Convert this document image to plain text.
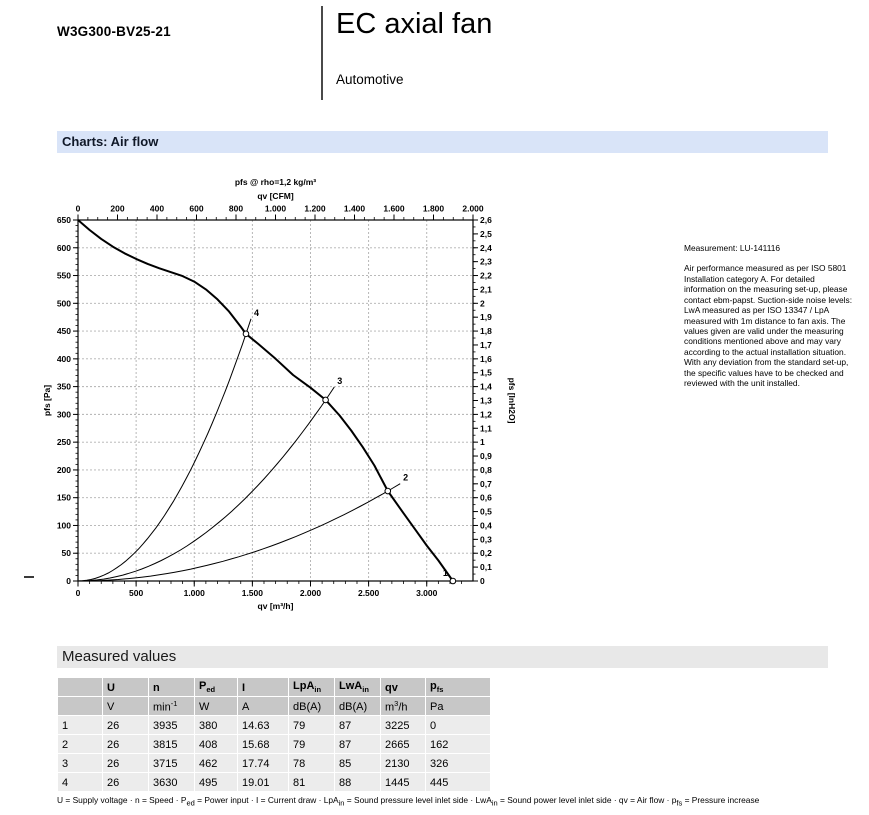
W3G300-BV25-21	EC axial fan
Automotive
Charts: Air flow
0	200	400	600	800	1.000 1.200 1.400 1.600 1.800 2.000
qv [CFM]
pfs @ rho=1,2 kg/m³
0	500	1.000	1.500	2.000	2.500	3.000
qv [m³/h]
0
50
100
150
200
250
300
350
400
450
500
550
600
650
pfs [Pa]
0
0,1
0,2
0,3
0,4
0,5
0,6
0,7
0,8
0,9
1
1,1
1,2
1,3
1,4
1,5
1,6
1,7
1,8
1,9
2
2,1
2,2
2,3
2,4
2,5
2,6
pfs [InH2O]
4
3
2
1
Measurement: LU-141116
Air performance measured as per ISO 5801 Installation category A. For detailed information on the measuring set-up, please contact ebm-papst. Suction-side noise levels: LwA measured as per ISO 13347 / LpA measured with 1m distance to fan axis. The values given are valid under the measuring conditions mentioned above and may vary according to the actual installation situation. With any deviation from the standard set-up, the specific values have to be checked and reviewed with the unit installed.
Measured values
	U	n	$P_{ed}$	I	LpA$_{in}$	LwA$_{in}$	qv	$p_{fs}$
	V	$\min^{-1}$	W	A	dB(A)	dB(A)	$m^3/h$	Pa
1	26	3935	380	14.63	79	87	3225	0
2	26	3815	408	15.68	79	87	2665	162
3	26	3715	462	17.74	78	85	2130	326
4	26	3630	495	19.01	81	88	1445	445
U = Supply voltage · n = Speed · $P_{ed}$ = Power input · I = Current draw · LpA$_{in}$ = Sound pressure level inlet side · LwA$_{in}$ = Sound power level inlet side · qv = Air flow · $p_{fs}$ = Pressure increase
